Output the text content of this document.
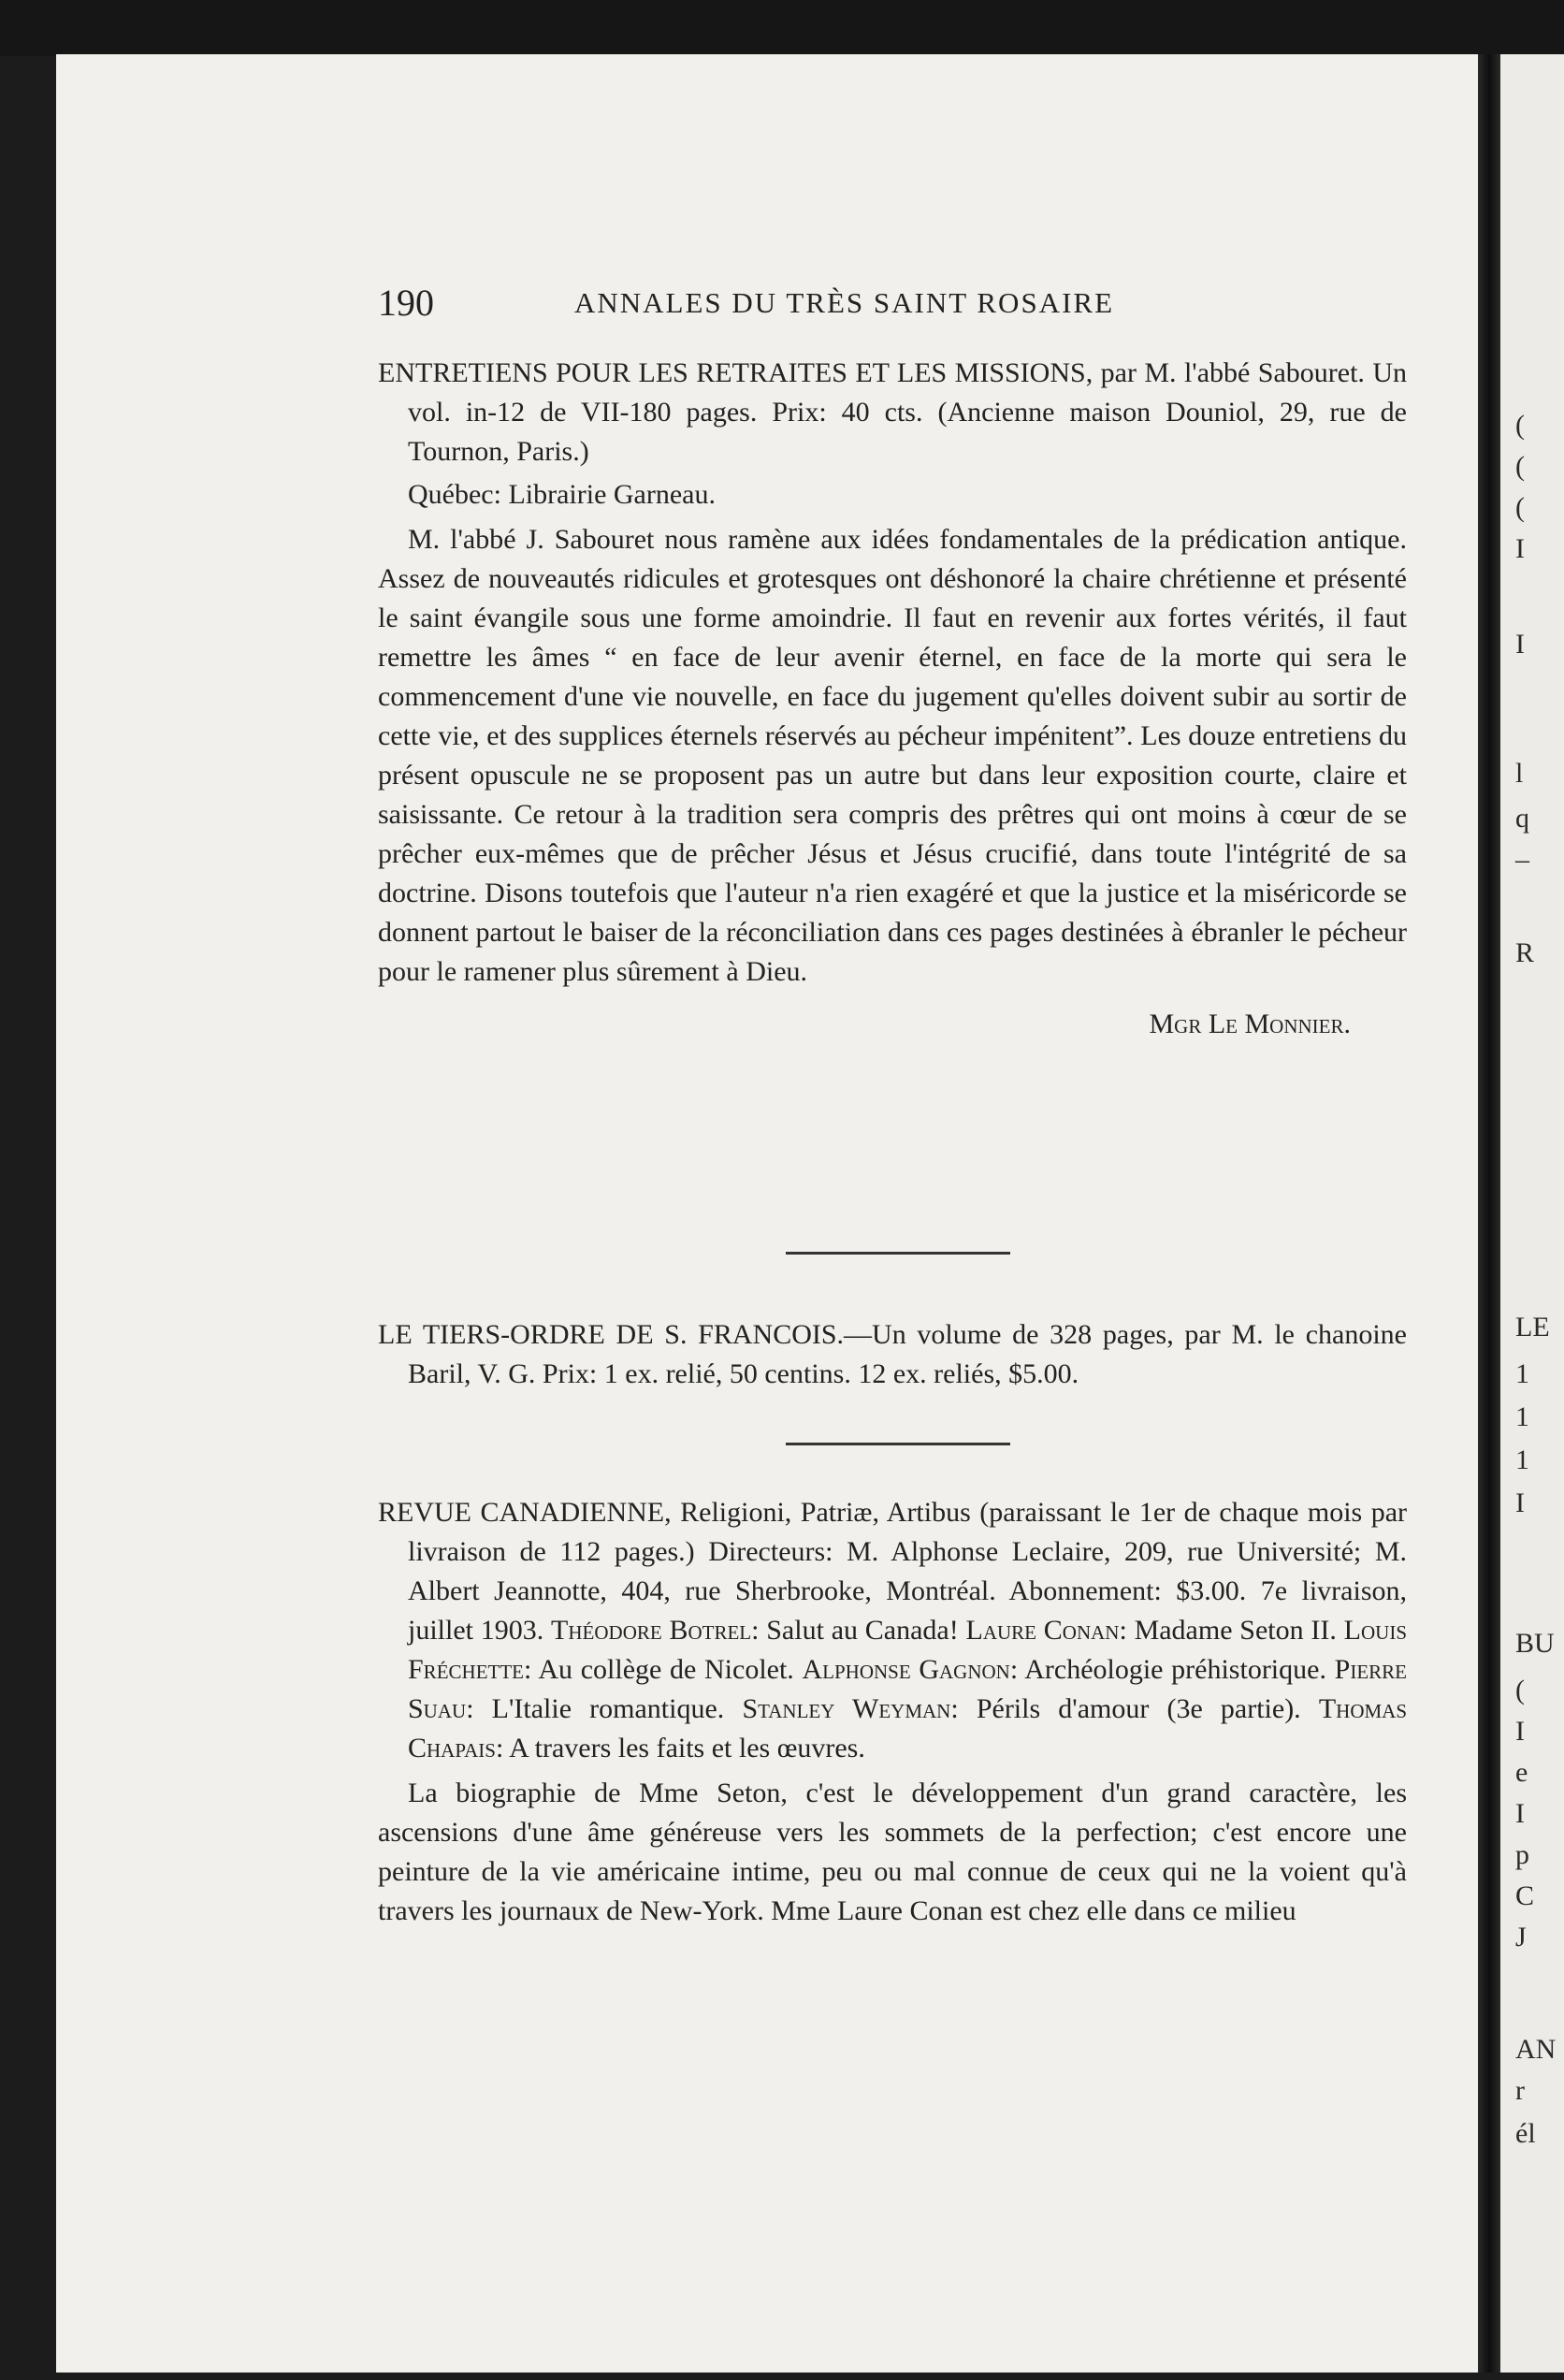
(
(
(
I
I
l
q
–
R
LE
1
1
1
I
BU
(
I
e
I
p
C
J
AN
r
él
190	ANNALES DU TRÈS SAINT ROSAIRE

ENTRETIENS POUR LES RETRAITES ET LES MISSIONS, par M. l'abbé Sabouret. Un vol. in-12 de VII-180 pages. Prix: 40 cts. (Ancienne maison Douniol, 29, rue de Tournon, Paris.)

Québec: Librairie Garneau.

M. l'abbé J. Sabouret nous ramène aux idées fondamentales de la prédication antique. Assez de nouveautés ridicules et grotesques ont déshonoré la chaire chrétienne et présenté le saint évangile sous une forme amoindrie. Il faut en revenir aux fortes vérités, il faut remettre les âmes “ en face de leur avenir éternel, en face de la morte qui sera le commencement d'une vie nouvelle, en face du jugement qu'elles doivent subir au sortir de cette vie, et des supplices éternels réservés au pécheur impénitent”. Les douze entretiens du présent opuscule ne se proposent pas un autre but dans leur exposition courte, claire et saisissante. Ce retour à la tradition sera compris des prêtres qui ont moins à cœur de se prêcher eux-mêmes que de prêcher Jésus et Jésus crucifié, dans toute l'intégrité de sa doctrine. Disons toutefois que l'auteur n'a rien exagéré et que la justice et la miséricorde se donnent partout le baiser de la réconciliation dans ces pages destinées à ébranler le pécheur pour le ramener plus sûrement à Dieu.

Mgr Le Monnier.

LE TIERS-ORDRE DE S. FRANCOIS.—Un volume de 328 pages, par M. le chanoine Baril, V. G. Prix: 1 ex. relié, 50 centins. 12 ex. reliés, $5.00.

REVUE CANADIENNE, Religioni, Patriæ, Artibus (paraissant le 1er de chaque mois par livraison de 112 pages.) Directeurs: M. Alphonse Leclaire, 209, rue Université; M. Albert Jeannotte, 404, rue Sherbrooke, Montréal. Abonnement: $3.00. 7e livraison, juillet 1903. Théodore Botrel: Salut au Canada! Laure Conan: Madame Seton II. Louis Fréchette: Au collège de Nicolet. Alphonse Gagnon: Archéologie préhistorique. Pierre Suau: L'Italie romantique. Stanley Weyman: Périls d'amour (3e partie). Thomas Chapais: A travers les faits et les œuvres.

La biographie de Mme Seton, c'est le développement d'un grand caractère, les ascensions d'une âme généreuse vers les sommets de la perfection; c'est encore une peinture de la vie américaine intime, peu ou mal connue de ceux qui ne la voient qu'à travers les journaux de New-York. Mme Laure Conan est chez elle dans ce milieu
